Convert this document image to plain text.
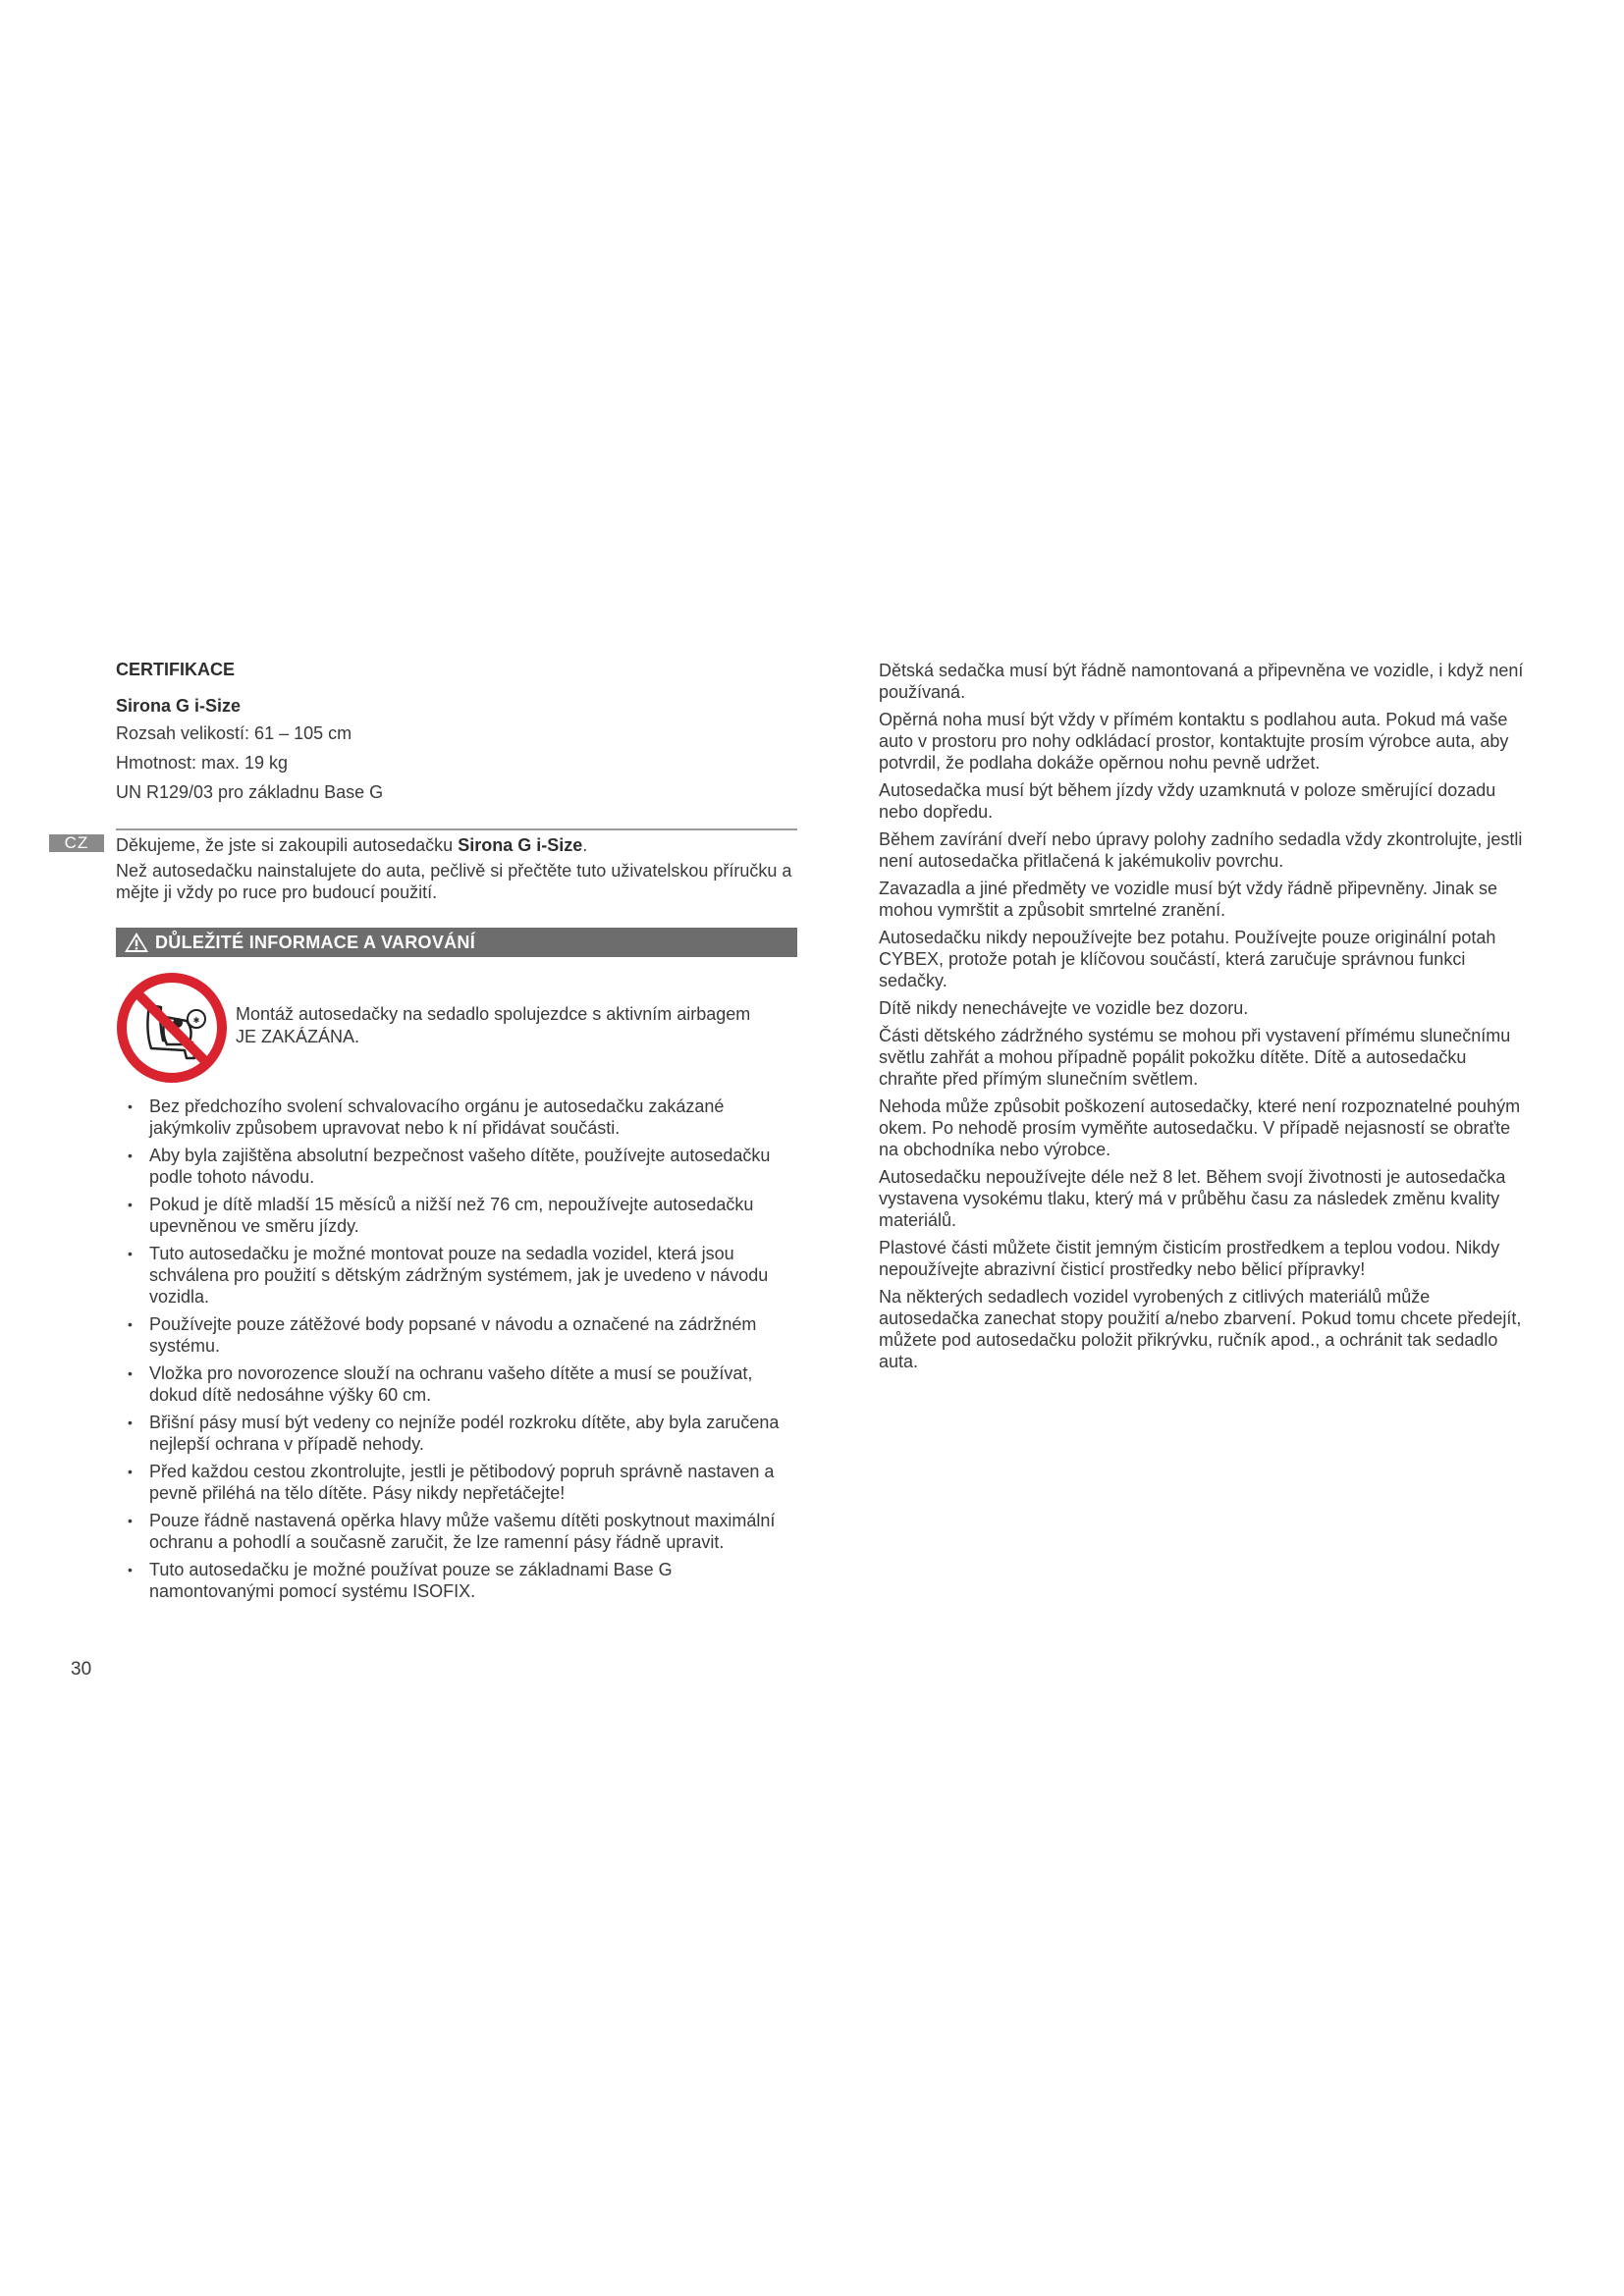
CERTIFIKACE

Sirona G i-Size

Rozsah velikostí: 61 – 105 cm

Hmotnost: max. 19 kg

UN R129/03 pro základnu Base G

CZ	Děkujeme, že jste si zakoupili autosedačku Sirona G i-Size.

Než autosedačku nainstalujete do auta, pečlivě si přečtěte tuto uživatelskou příručku a mějte ji vždy po ruce pro budoucí použití.

DŮLEŽITÉ INFORMACE A VAROVÁNÍ
✱ Montáž autosedačky na sedadlo spolujezdce s aktivním airbagem JE ZAKÁZÁNA.
• Bez předchozího svolení schvalovacího orgánu je autosedačku zakázané jakýmkoliv způsobem upravovat nebo k ní přidávat součásti.
• Aby byla zajištěna absolutní bezpečnost vašeho dítěte, používejte autosedačku podle tohoto návodu.
• Pokud je dítě mladší 15 měsíců a nižší než 76 cm, nepoužívejte autosedačku upevněnou ve směru jízdy.
• Tuto autosedačku je možné montovat pouze na sedadla vozidel, která jsou schválena pro použití s dětským zádržným systémem, jak je uvedeno v návodu vozidla.
• Používejte pouze zátěžové body popsané v návodu a označené na zádržném systému.
• Vložka pro novorozence slouží na ochranu vašeho dítěte a musí se používat, dokud dítě nedosáhne výšky 60 cm.
• Břišní pásy musí být vedeny co nejníže podél rozkroku dítěte, aby byla zaručena nejlepší ochrana v případě nehody.
• Před každou cestou zkontrolujte, jestli je pětibodový popruh správně nastaven a pevně přiléhá na tělo dítěte. Pásy nikdy nepřetáčejte!
• Pouze řádně nastavená opěrka hlavy může vašemu dítěti poskytnout maximální ochranu a pohodlí a současně zaručit, že lze ramenní pásy řádně upravit.
• Tuto autosedačku je možné používat pouze se základnami Base G namontovanými pomocí systému ISOFIX.
Dětská sedačka musí být řádně namontovaná a připevněna ve vozidle, i když není používaná.
Opěrná noha musí být vždy v přímém kontaktu s podlahou auta. Pokud má vaše auto v prostoru pro nohy odkládací prostor, kontaktujte prosím výrobce auta, aby potvrdil, že podlaha dokáže opěrnou nohu pevně udržet.
Autosedačka musí být během jízdy vždy uzamknutá v poloze směrující dozadu nebo dopředu.
Během zavírání dveří nebo úpravy polohy zadního sedadla vždy zkontrolujte, jestli není autosedačka přitlačená k jakémukoliv povrchu.
Zavazadla a jiné předměty ve vozidle musí být vždy řádně připevněny. Jinak se mohou vymrštit a způsobit smrtelné zranění.
Autosedačku nikdy nepoužívejte bez potahu. Používejte pouze originální potah CYBEX, protože potah je klíčovou součástí, která zaručuje správnou funkci sedačky.
Dítě nikdy nenechávejte ve vozidle bez dozoru.
Části dětského zádržného systému se mohou při vystavení přímému slunečnímu světlu zahřát a mohou případně popálit pokožku dítěte. Dítě a autosedačku chraňte před přímým slunečním světlem.
Nehoda může způsobit poškození autosedačky, které není rozpoznatelné pouhým okem. Po nehodě prosím vyměňte autosedačku. V případě nejasností se obraťte na obchodníka nebo výrobce.
Autosedačku nepoužívejte déle než 8 let. Během svojí životnosti je autosedačka vystavena vysokému tlaku, který má v průběhu času za následek změnu kvality materiálů.
Plastové části můžete čistit jemným čisticím prostředkem a teplou vodou. Nikdy nepoužívejte abrazivní čisticí prostředky nebo bělicí přípravky!
Na některých sedadlech vozidel vyrobených z citlivých materiálů může autosedačka zanechat stopy použití a/nebo zbarvení. Pokud tomu chcete předejít, můžete pod autosedačku položit přikrývku, ručník apod., a ochránit tak sedadlo auta.
30
